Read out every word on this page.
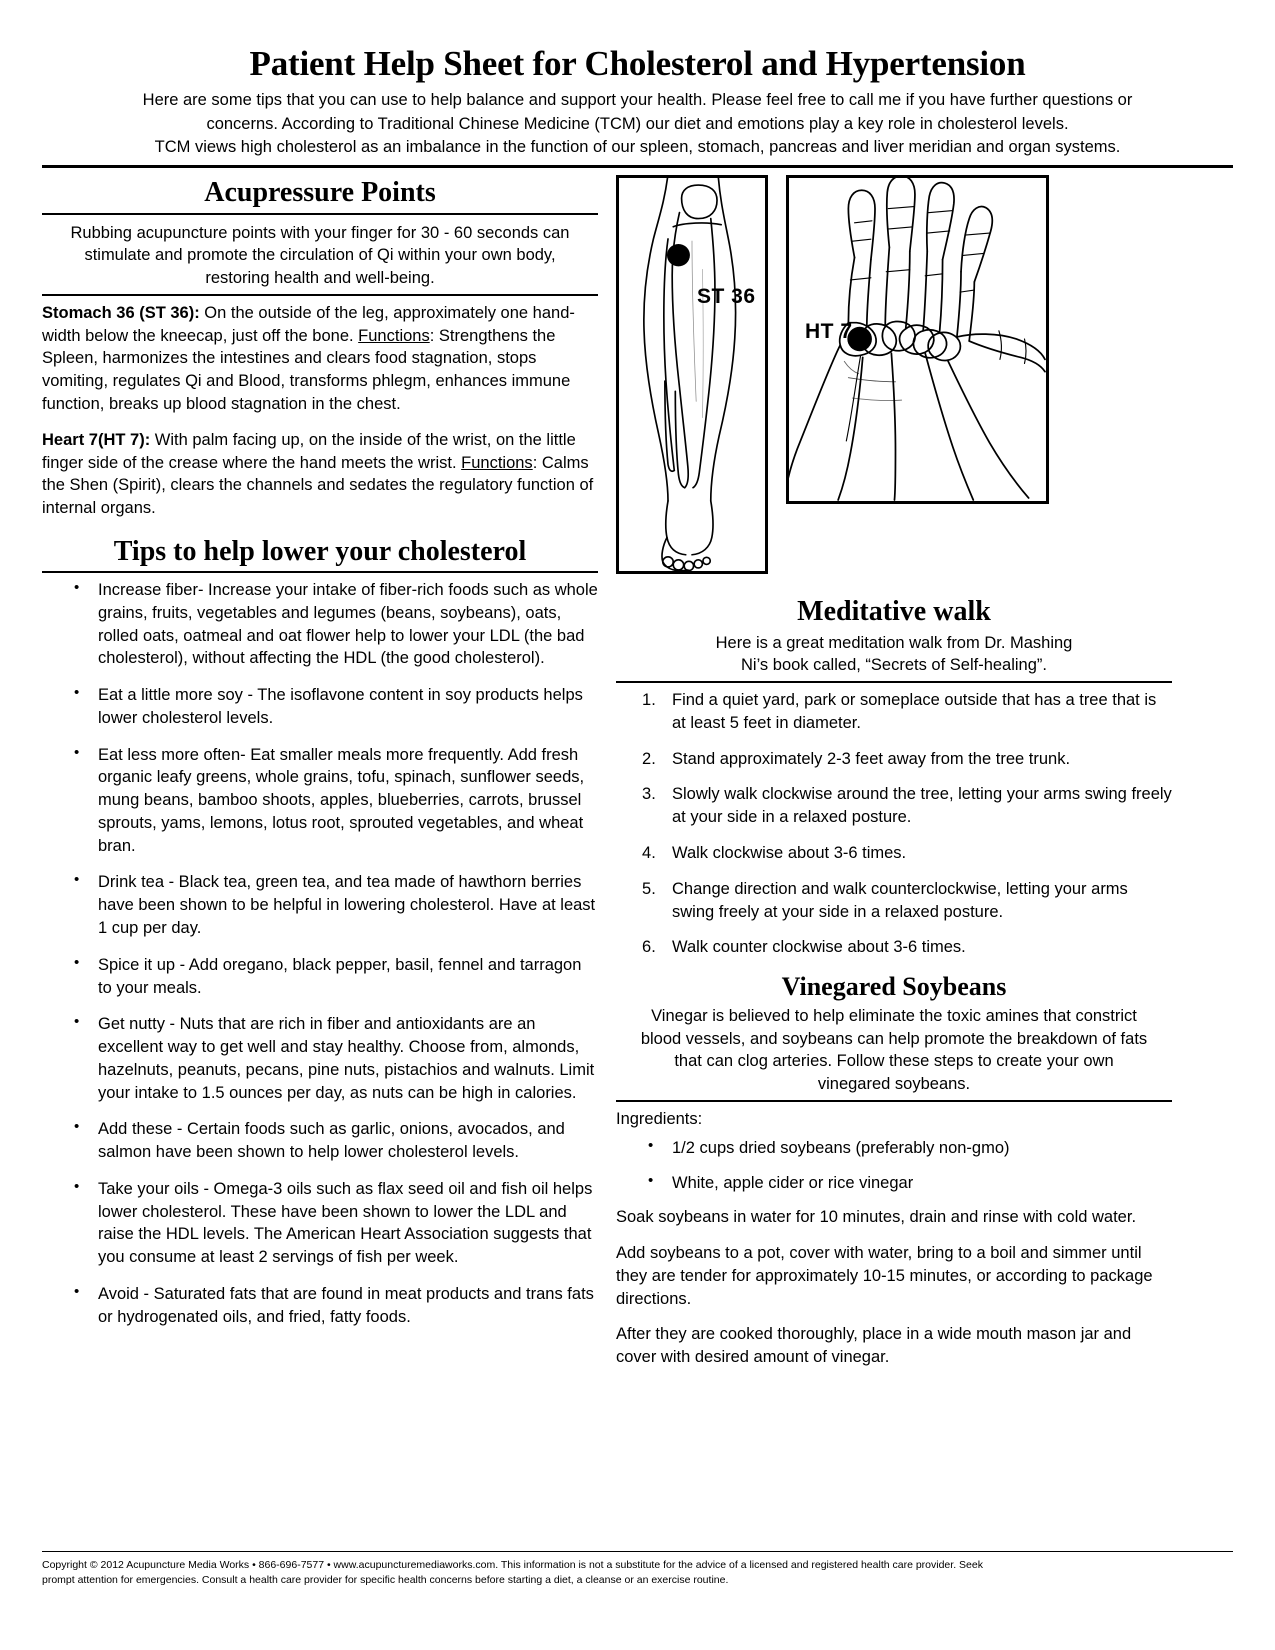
Patient Help Sheet for Cholesterol and Hypertension
Here are some tips that you can use to help balance and support your health. Please feel free to call me if you have further questions or
concerns. According to Traditional Chinese Medicine (TCM) our diet and emotions play a key role in cholesterol levels.
TCM views high cholesterol as an imbalance in the function of our spleen, stomach, pancreas and liver meridian and organ systems.
Acupressure Points
Rubbing acupuncture points with your finger for 30 - 60 seconds can stimulate and promote the circulation of Qi within your own body, restoring health and well-being.

Stomach 36 (ST 36): On the outside of the leg, approximately one hand-width below the kneecap, just off the bone. Functions: Strengthens the Spleen, harmonizes the intestines and clears food stagnation, stops vomiting, regulates Qi and Blood, transforms phlegm, enhances immune function, breaks up blood stagnation in the chest.

Heart 7(HT 7): With palm facing up, on the inside of the wrist, on the little finger side of the crease where the hand meets the wrist. Functions: Calms the Shen (Spirit), clears the channels and sedates the regulatory function of internal organs.

Tips to help lower your cholesterol
• Increase fiber- Increase your intake of fiber-rich foods such as whole grains, fruits, vegetables and legumes (beans, soybeans), oats, rolled oats, oatmeal and oat flower help to lower your LDL (the bad cholesterol), without affecting the HDL (the good cholesterol).
• Eat a little more soy - The isoflavone content in soy products helps lower cholesterol levels.
• Eat less more often- Eat smaller meals more frequently. Add fresh organic leafy greens, whole grains, tofu, spinach, sunflower seeds, mung beans, bamboo shoots, apples, blueberries, carrots, brussel sprouts, yams, lemons, lotus root, sprouted vegetables, and wheat bran.
• Drink tea - Black tea, green tea, and tea made of hawthorn berries have been shown to be helpful in lowering cholesterol. Have at least 1 cup per day.
• Spice it up - Add oregano, black pepper, basil, fennel and tarragon to your meals.
• Get nutty - Nuts that are rich in fiber and antioxidants are an excellent way to get well and stay healthy. Choose from, almonds, hazelnuts, peanuts, pecans, pine nuts, pistachios and walnuts. Limit your intake to 1.5 ounces per day, as nuts can be high in calories.
• Add these - Certain foods such as garlic, onions, avocados, and salmon have been shown to help lower cholesterol levels.
• Take your oils - Omega-3 oils such as flax seed oil and fish oil helps lower cholesterol. These have been shown to lower the LDL and raise the HDL levels. The American Heart Association suggests that you consume at least 2 servings of fish per week.
• Avoid - Saturated fats that are found in meat products and trans fats or hydrogenated oils, and fried, fatty foods.
ST 36
HT 7
Meditative walk
Here is a great meditation walk from Dr. Mashing
Ni’s book called, “Secrets of Self-healing”.
Find a quiet yard, park or someplace outside that has a tree that is at least 5 feet in diameter.
Stand approximately 2-3 feet away from the tree trunk.
Slowly walk clockwise around the tree, letting your arms swing freely at your side in a relaxed posture.
Walk clockwise about 3-6 times.
Change direction and walk counterclockwise, letting your arms swing freely at your side in a relaxed posture.
Walk counter clockwise about 3-6 times.
Vinegared Soybeans
Vinegar is believed to help eliminate the toxic amines that constrict blood vessels, and soybeans can help promote the breakdown of fats that can clog arteries. Follow these steps to create your own vinegared soybeans.

Ingredients:

• 1/2 cups dried soybeans (preferably non-gmo)
• White, apple cider or rice vinegar

Soak soybeans in water for 10 minutes, drain and rinse with cold water.

Add soybeans to a pot, cover with water, bring to a boil and simmer until they are tender for approximately 10-15 minutes, or according to package directions.

After they are cooked thoroughly, place in a wide mouth mason jar and cover with desired amount of vinegar.

Copyright © 2012 Acupuncture Media Works • 866-696-7577 • www.acupuncturemediaworks.com. This information is not a substitute for the advice of a licensed and registered health care provider. Seek
prompt attention for emergencies. Consult a health care provider for specific health concerns before starting a diet, a cleanse or an exercise routine.
